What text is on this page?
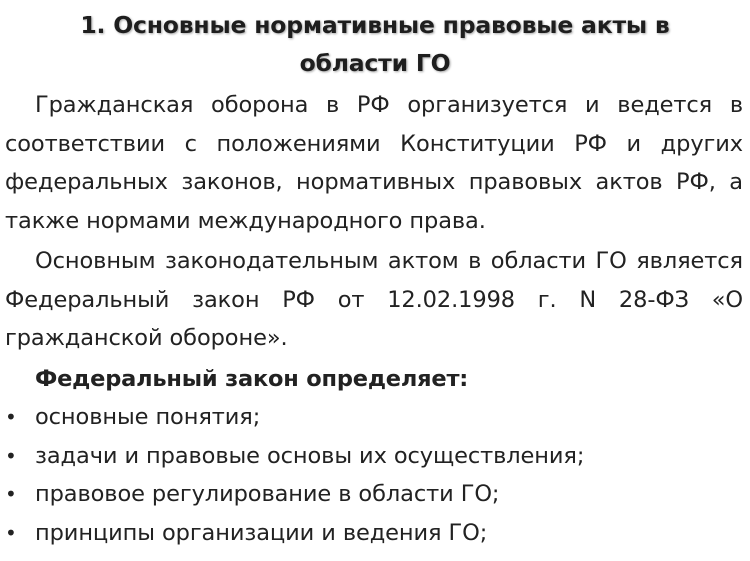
1. Основные нормативные правовые акты в
области ГО

Гражданская оборона в РФ организуется и ведется в соответствии с положениями Конституции РФ и других федеральных законов, нормативных правовых актов РФ, а также нормами международного права.

Основным законодательным актом в области ГО является Федеральный закон РФ от 12.02.1998 г. N 28-ФЗ «О гражданской обороне».

Федеральный закон определяет:
• основные понятия;
• задачи и правовые основы их осуществления;
• правовое регулирование в области ГО;
• принципы организации и ведения ГО;
